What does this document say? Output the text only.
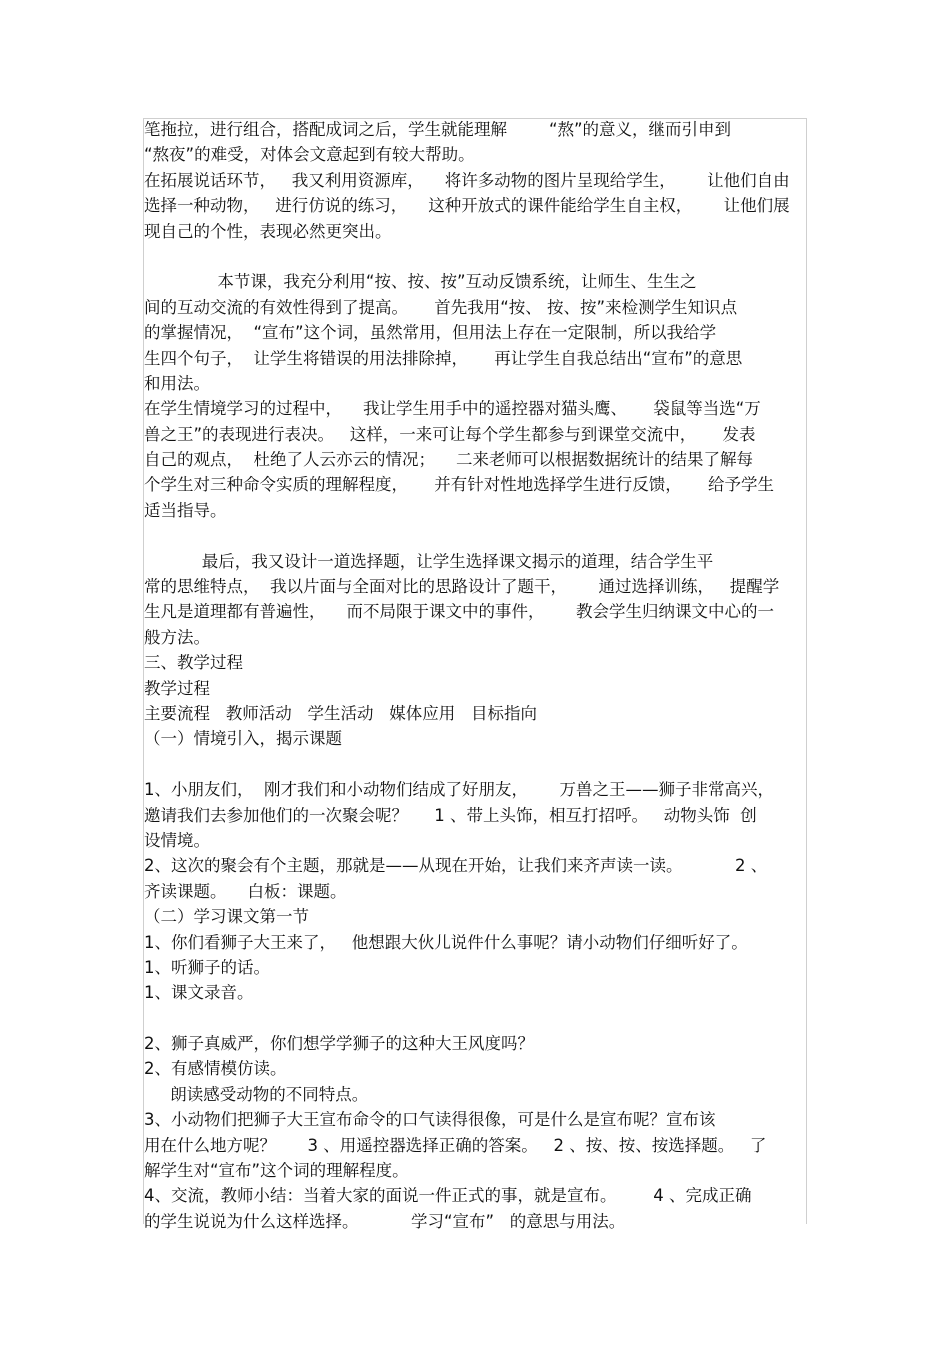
笔拖拉，进行组合，搭配成词之后，学生就能理解        “熬”的意义，继而引申到
“熬夜”的难受，对体会文意起到有较大帮助。
在拓展说话环节，   我又利用资源库，    将许多动物的图片呈现给学生，      让他们自由
选择一种动物，   进行仿说的练习，    这种开放式的课件能给学生自主权，      让他们展
现自己的个性，表现必然更突出。
本节课，我充分利用“按、按、按”互动反馈系统，让师生、生生之
间的互动交流的有效性得到了提高。     首先我用“按、 按、按”来检测学生知识点
的掌握情况，  “宣布”这个词，虽然常用，但用法上存在一定限制，所以我给学
生四个句子，  让学生将错误的用法排除掉，     再让学生自我总结出“宣布”的意思
和用法。
在学生情境学习的过程中，    我让学生用手中的遥控器对猫头鹰、     袋鼠等当选“万
兽之王”的表现进行表决。   这样，一来可让每个学生都参与到课堂交流中，     发表
自己的观点，  杜绝了人云亦云的情况；    二来老师可以根据数据统计的结果了解每
个学生对三种命令实质的理解程度，     并有针对性地选择学生进行反馈，     给予学生
适当指导。
最后，我又设计一道选择题，让学生选择课文揭示的道理，结合学生平
常的思维特点，  我以片面与全面对比的思路设计了题干，      通过选择训练，   提醒学
生凡是道理都有普遍性，    而不局限于课文中的事件，      教会学生归纳课文中心的一
般方法。
三、教学过程
教学过程
主要流程   教师活动   学生活动   媒体应用   目标指向
（一）情境引入，揭示课题
1、小朋友们，  刚才我们和小动物们结成了好朋友，      万兽之王——狮子非常高兴，
邀请我们去参加他们的一次聚会呢？     1 、带上头饰，相互打招呼。   动物头饰  创
设情境。
2、这次的聚会有个主题，那就是——从现在开始，让我们来齐声读一读。          2 、
齐读课题。    白板：课题。
（二）学习课文第一节
1、你们看狮子大王来了，   他想跟大伙儿说件什么事呢？请小动物们仔细听好了。
1、听狮子的话。
1、课文录音。
2、狮子真威严，你们想学学狮子的这种大王风度吗？
2、有感情模仿读。
朗读感受动物的不同特点。
3、小动物们把狮子大王宣布命令的口气读得很像，可是什么是宣布呢？宣布该
用在什么地方呢？      3 、用遥控器选择正确的答案。   2 、按、按、按选择题。   了
解学生对“宣布”这个词的理解程度。
4、交流，教师小结：当着大家的面说一件正式的事，就是宣布。       4 、完成正确
的学生说说为什么这样选择。          学习“宣布”   的意思与用法。
